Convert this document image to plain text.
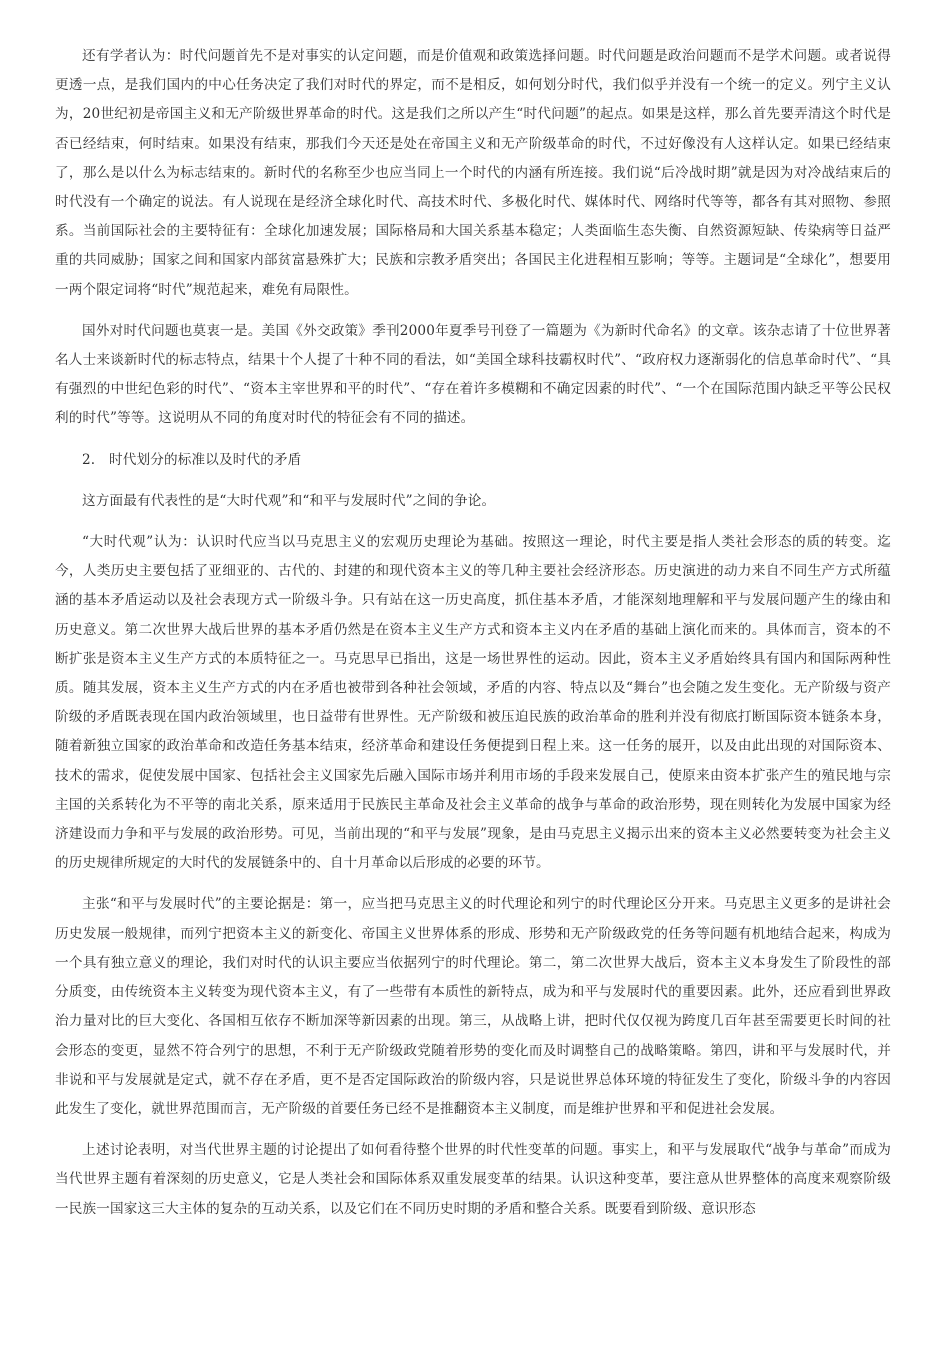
还有学者认为：时代问题首先不是对事实的认定问题，而是价值观和政策选择问题。时代问题是政治问题而不是学术问题。或者说得更透一点，是我们国内的中心任务决定了我们对时代的界定，而不是相反，如何划分时代，我们似乎并没有一个统一的定义。列宁主义认为，20世纪初是帝国主义和无产阶级世界革命的时代。这是我们之所以产生“时代问题”的起点。如果是这样，那么首先要弄清这个时代是否已经结束，何时结束。如果没有结束，那我们今天还是处在帝国主义和无产阶级革命的时代，不过好像没有人这样认定。如果已经结束了，那么是以什么为标志结束的。新时代的名称至少也应当同上一个时代的内涵有所连接。我们说“后冷战时期”就是因为对冷战结束后的时代没有一个确定的说法。有人说现在是经济全球化时代、高技术时代、多极化时代、媒体时代、网络时代等等，都各有其对照物、参照系。当前国际社会的主要特征有：全球化加速发展；国际格局和大国关系基本稳定；人类面临生态失衡、自然资源短缺、传染病等日益严重的共同威胁；国家之间和国家内部贫富悬殊扩大；民族和宗教矛盾突出；各国民主化进程相互影响；等等。主题词是“全球化”，想要用一两个限定词将“时代”规范起来，难免有局限性。

国外对时代问题也莫衷一是。美国《外交政策》季刊2000年夏季号刊登了一篇题为《为新时代命名》的文章。该杂志请了十位世界著名人士来谈新时代的标志特点，结果十个人提了十种不同的看法，如“美国全球科技霸权时代”、“政府权力逐渐弱化的信息革命时代”、“具有强烈的中世纪色彩的时代”、“资本主宰世界和平的时代”、“存在着许多模糊和不确定因素的时代”、“一个在国际范围内缺乏平等公民权利的时代”等等。这说明从不同的角度对时代的特征会有不同的描述。

2.　时代划分的标准以及时代的矛盾

这方面最有代表性的是“大时代观”和“和平与发展时代”之间的争论。

“大时代观”认为：认识时代应当以马克思主义的宏观历史理论为基础。按照这一理论，时代主要是指人类社会形态的质的转变。迄今，人类历史主要包括了亚细亚的、古代的、封建的和现代资本主义的等几种主要社会经济形态。历史演进的动力来自不同生产方式所蕴涵的基本矛盾运动以及社会表现方式一阶级斗争。只有站在这一历史高度，抓住基本矛盾，才能深刻地理解和平与发展问题产生的缘由和历史意义。第二次世界大战后世界的基本矛盾仍然是在资本主义生产方式和资本主义内在矛盾的基础上演化而来的。具体而言，资本的不断扩张是资本主义生产方式的本质特征之一。马克思早已指出，这是一场世界性的运动。因此，资本主义矛盾始终具有国内和国际两种性质。随其发展，资本主义生产方式的内在矛盾也被带到各种社会领域，矛盾的内容、特点以及“舞台”也会随之发生变化。无产阶级与资产阶级的矛盾既表现在国内政治领域里，也日益带有世界性。无产阶级和被压迫民族的政治革命的胜利并没有彻底打断国际资本链条本身，随着新独立国家的政治革命和改造任务基本结束，经济革命和建设任务便提到日程上来。这一任务的展开，以及由此出现的对国际资本、技术的需求，促使发展中国家、包括社会主义国家先后融入国际市场并利用市场的手段来发展自己，使原来由资本扩张产生的殖民地与宗主国的关系转化为不平等的南北关系，原来适用于民族民主革命及社会主义革命的战争与革命的政治形势，现在则转化为发展中国家为经济建设而力争和平与发展的政治形势。可见，当前出现的“和平与发展”现象，是由马克思主义揭示出来的资本主义必然要转变为社会主义的历史规律所规定的大时代的发展链条中的、自十月革命以后形成的必要的环节。

主张“和平与发展时代”的主要论据是：第一，应当把马克思主义的时代理论和列宁的时代理论区分开来。马克思主义更多的是讲社会历史发展一般规律，而列宁把资本主义的新变化、帝国主义世界体系的形成、形势和无产阶级政党的任务等问题有机地结合起来，构成为一个具有独立意义的理论，我们对时代的认识主要应当依据列宁的时代理论。第二，第二次世界大战后，资本主义本身发生了阶段性的部分质变，由传统资本主义转变为现代资本主义，有了一些带有本质性的新特点，成为和平与发展时代的重要因素。此外，还应看到世界政治力量对比的巨大变化、各国相互依存不断加深等新因素的出现。第三，从战略上讲，把时代仅仅视为跨度几百年甚至需要更长时间的社会形态的变更，显然不符合列宁的思想，不利于无产阶级政党随着形势的变化而及时调整自己的战略策略。第四，讲和平与发展时代，并非说和平与发展就是定式，就不存在矛盾，更不是否定国际政治的阶级内容，只是说世界总体环境的特征发生了变化，阶级斗争的内容因此发生了变化，就世界范围而言，无产阶级的首要任务已经不是推翻资本主义制度，而是维护世界和平和促进社会发展。

上述讨论表明，对当代世界主题的讨论提出了如何看待整个世界的时代性变革的问题。事实上，和平与发展取代“战争与革命”而成为当代世界主题有着深刻的历史意义，它是人类社会和国际体系双重发展变革的结果。认识这种变革，要注意从世界整体的高度来观察阶级一民族一国家这三大主体的复杂的互动关系，以及它们在不同历史时期的矛盾和整合关系。既要看到阶级、意识形态
